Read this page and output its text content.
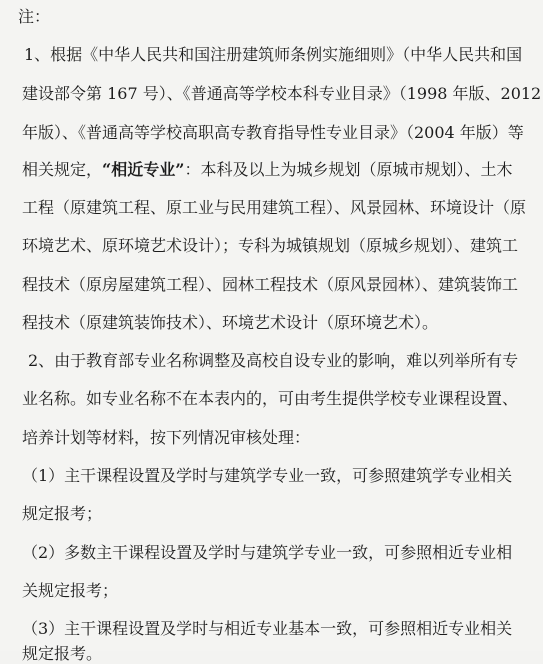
注：
1、根据《中华人民共和国注册建筑师条例实施细则》（中华人民共和国
建设部令第 167 号）、《普通高等学校本科专业目录》（1998 年版、2012
年版）、《普通高等学校高职高专教育指导性专业目录》（2004 年版）等
相关规定，“相近专业”：本科及以上为城乡规划（原城市规划）、土木
工程（原建筑工程、原工业与民用建筑工程）、风景园林、环境设计（原
环境艺术、原环境艺术设计）；专科为城镇规划（原城乡规划）、建筑工
程技术（原房屋建筑工程）、园林工程技术（原风景园林）、建筑装饰工
程技术（原建筑装饰技术）、环境艺术设计（原环境艺术）。
2、由于教育部专业名称调整及高校自设专业的影响，难以列举所有专
业名称。如专业名称不在本表内的，可由考生提供学校专业课程设置、
培养计划等材料，按下列情况审核处理：
（1）主干课程设置及学时与建筑学专业一致，可参照建筑学专业相关
规定报考；
（2）多数主干课程设置及学时与建筑学专业一致，可参照相近专业相
关规定报考；
（3）主干课程设置及学时与相近专业基本一致，可参照相近专业相关
规定报考。
